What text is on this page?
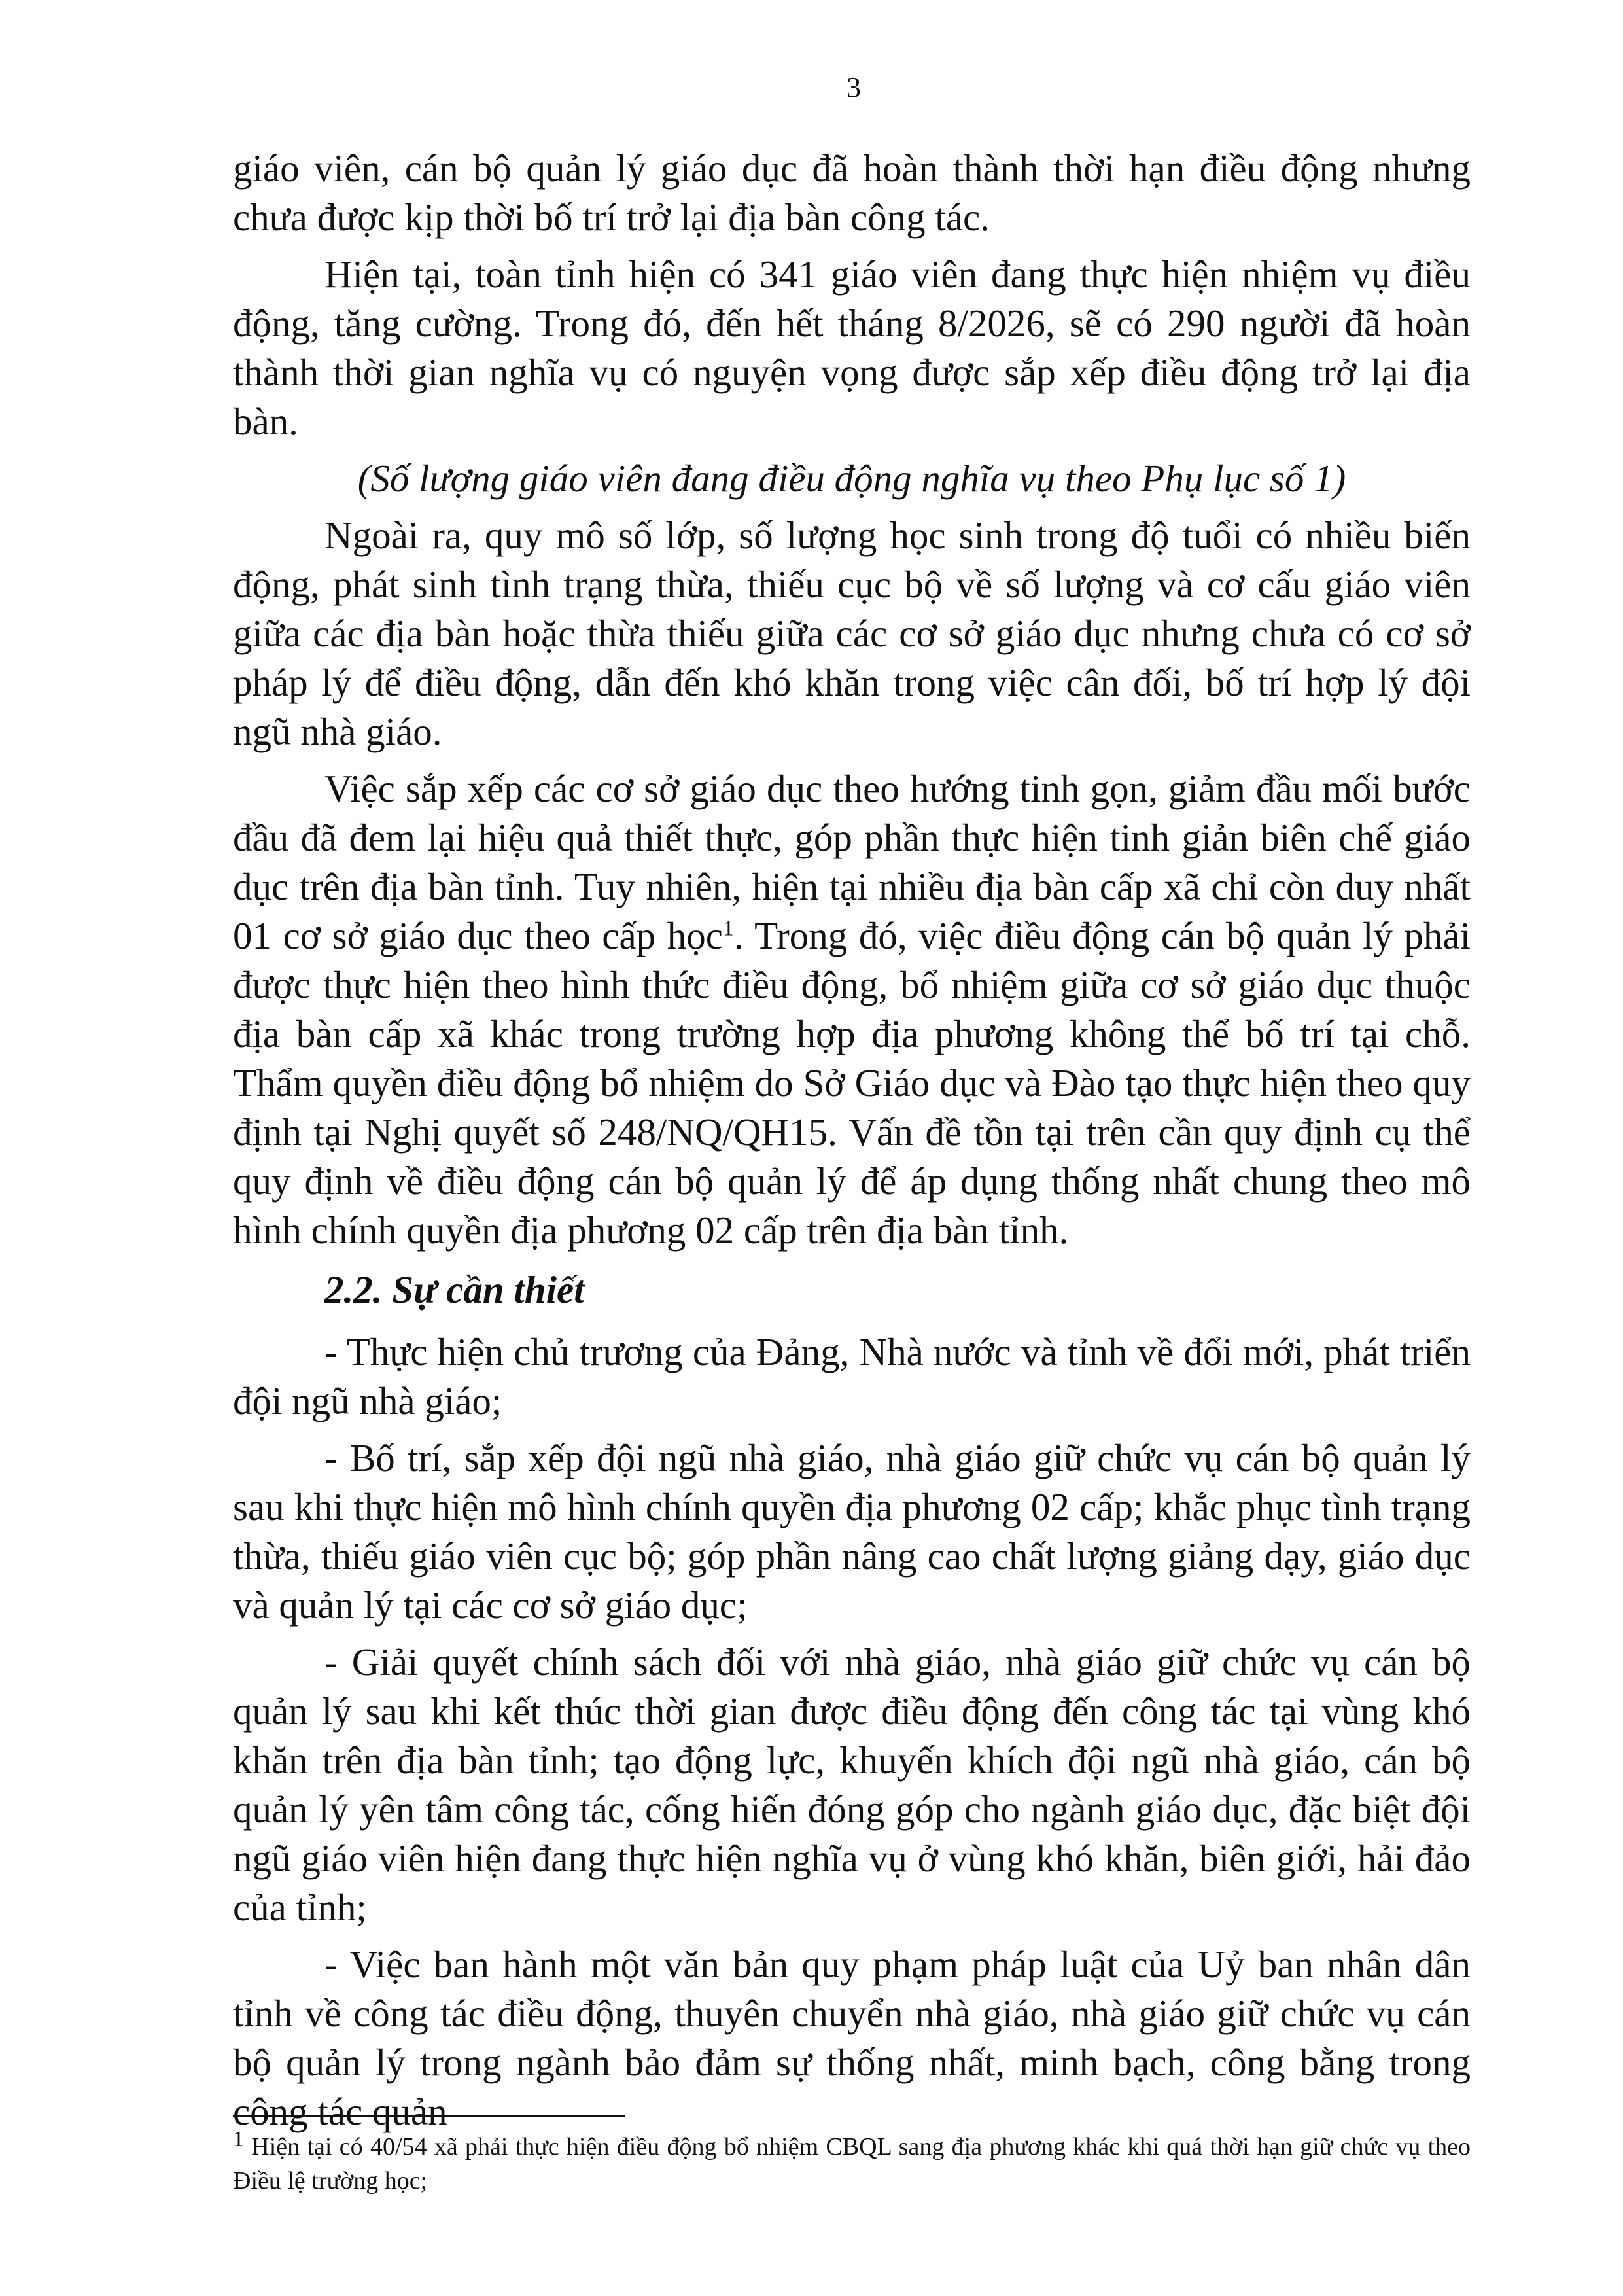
3

giáo viên, cán bộ quản lý giáo dục đã hoàn thành thời hạn điều động nhưng chưa được kịp thời bố trí trở lại địa bàn công tác.

Hiện tại, toàn tỉnh hiện có 341 giáo viên đang thực hiện nhiệm vụ điều động, tăng cường. Trong đó, đến hết tháng 8/2026, sẽ có 290 người đã hoàn thành thời gian nghĩa vụ có nguyện vọng được sắp xếp điều động trở lại địa bàn.

(Số lượng giáo viên đang điều động nghĩa vụ theo Phụ lục số 1)

Ngoài ra, quy mô số lớp, số lượng học sinh trong độ tuổi có nhiều biến động, phát sinh tình trạng thừa, thiếu cục bộ về số lượng và cơ cấu giáo viên giữa các địa bàn hoặc thừa thiếu giữa các cơ sở giáo dục nhưng chưa có cơ sở pháp lý để điều động, dẫn đến khó khăn trong việc cân đối, bố trí hợp lý đội ngũ nhà giáo.

Việc sắp xếp các cơ sở giáo dục theo hướng tinh gọn, giảm đầu mối bước đầu đã đem lại hiệu quả thiết thực, góp phần thực hiện tinh giản biên chế giáo dục trên địa bàn tỉnh. Tuy nhiên, hiện tại nhiều địa bàn cấp xã chỉ còn duy nhất 01 cơ sở giáo dục theo cấp học$^1$. Trong đó, việc điều động cán bộ quản lý phải được thực hiện theo hình thức điều động, bổ nhiệm giữa cơ sở giáo dục thuộc địa bàn cấp xã khác trong trường hợp địa phương không thể bố trí tại chỗ. Thẩm quyền điều động bổ nhiệm do Sở Giáo dục và Đào tạo thực hiện theo quy định tại Nghị quyết số 248/NQ/QH15. Vấn đề tồn tại trên cần quy định cụ thể quy định về điều động cán bộ quản lý để áp dụng thống nhất chung theo mô hình chính quyền địa phương 02 cấp trên địa bàn tỉnh.

2.2. Sự cần thiết

- Thực hiện chủ trương của Đảng, Nhà nước và tỉnh về đổi mới, phát triển đội ngũ nhà giáo;

- Bố trí, sắp xếp đội ngũ nhà giáo, nhà giáo giữ chức vụ cán bộ quản lý sau khi thực hiện mô hình chính quyền địa phương 02 cấp; khắc phục tình trạng thừa, thiếu giáo viên cục bộ; góp phần nâng cao chất lượng giảng dạy, giáo dục và quản lý tại các cơ sở giáo dục;

- Giải quyết chính sách đối với nhà giáo, nhà giáo giữ chức vụ cán bộ quản lý sau khi kết thúc thời gian được điều động đến công tác tại vùng khó khăn trên địa bàn tỉnh; tạo động lực, khuyến khích đội ngũ nhà giáo, cán bộ quản lý yên tâm công tác, cống hiến đóng góp cho ngành giáo dục, đặc biệt đội ngũ giáo viên hiện đang thực hiện nghĩa vụ ở vùng khó khăn, biên giới, hải đảo của tỉnh;

- Việc ban hành một văn bản quy phạm pháp luật của Uỷ ban nhân dân tỉnh về công tác điều động, thuyên chuyển nhà giáo, nhà giáo giữ chức vụ cán bộ quản lý trong ngành bảo đảm sự thống nhất, minh bạch, công bằng trong công tác quản

$^1$ Hiện tại có 40/54 xã phải thực hiện điều động bổ nhiệm CBQL sang địa phương khác khi quá thời hạn giữ chức vụ theo Điều lệ trường học;
